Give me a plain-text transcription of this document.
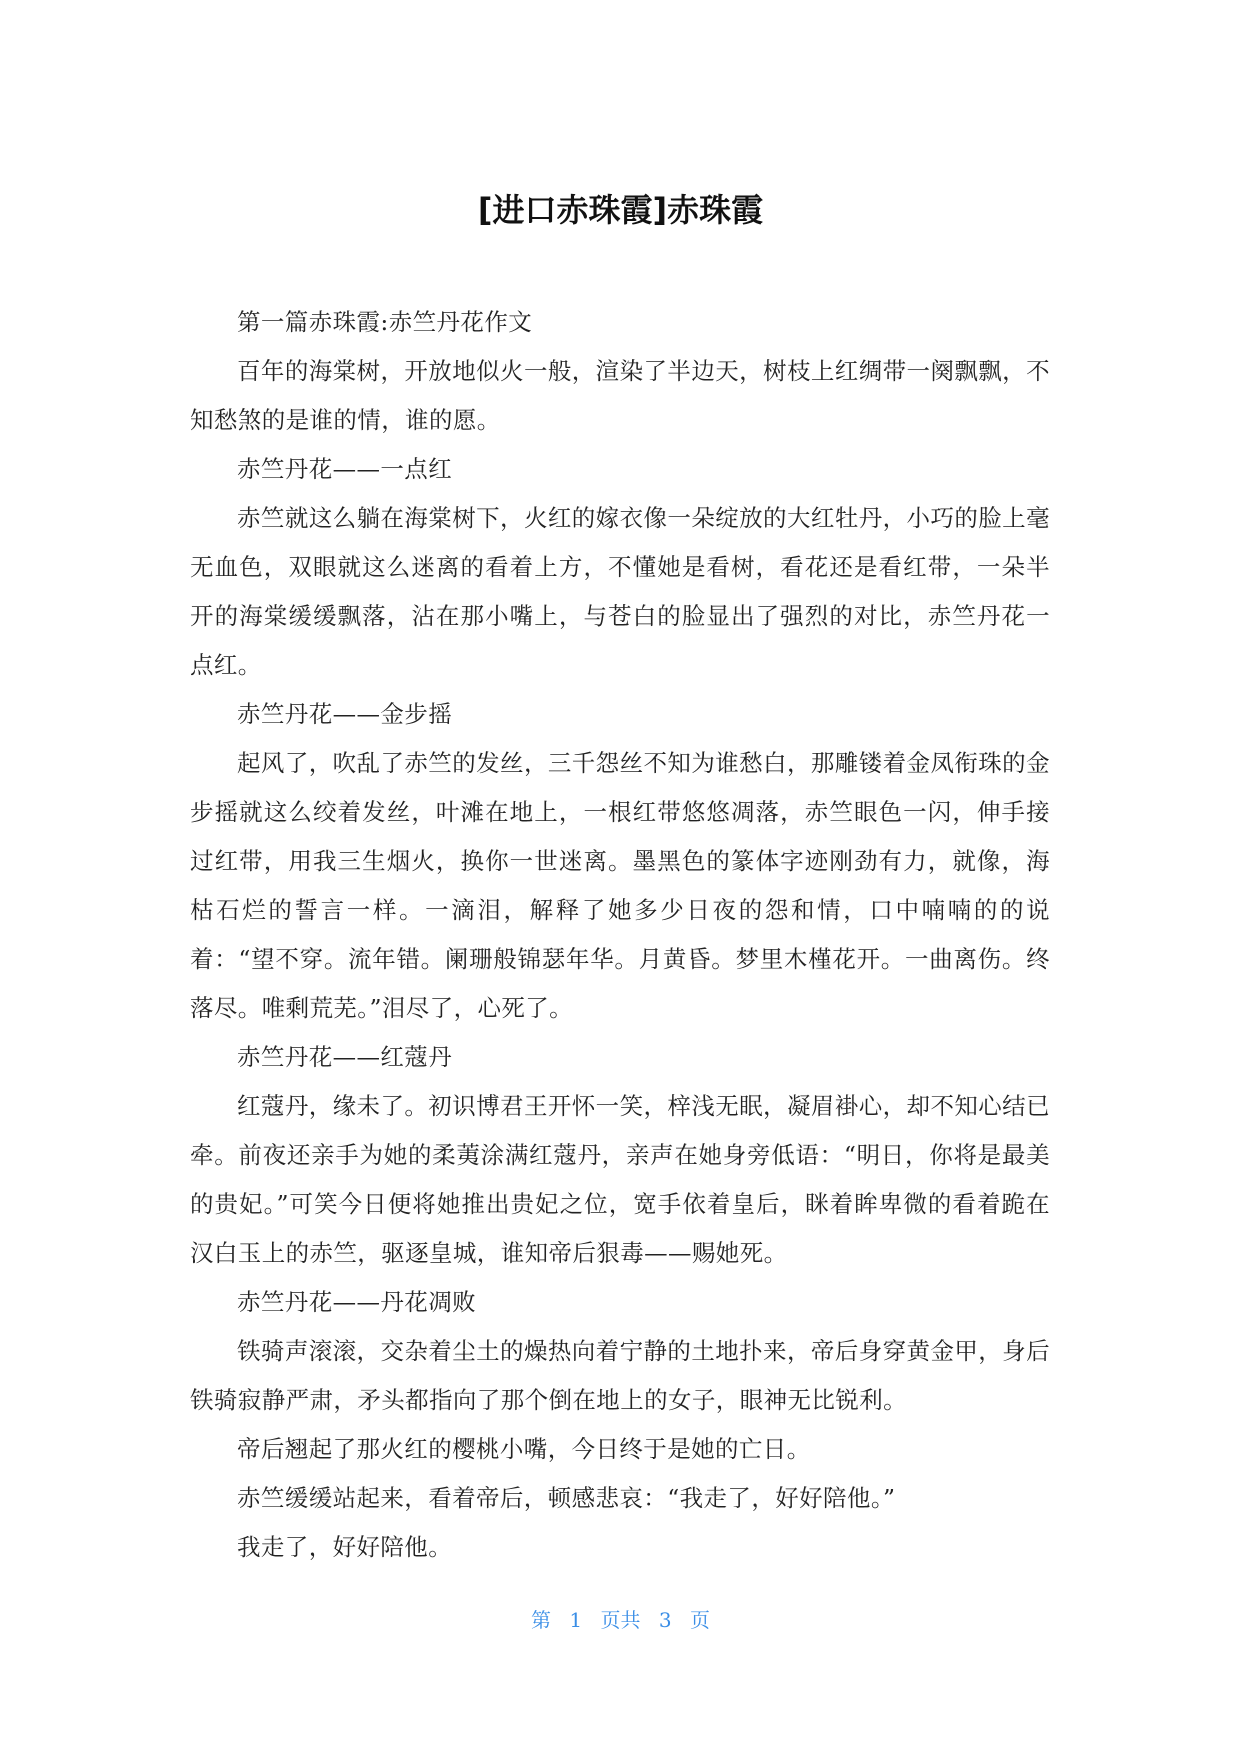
[进口赤珠霞]赤珠霞

第一篇赤珠霞:赤竺丹花作文

百年的海棠树，开放地似火一般，渲染了半边天，树枝上红绸带一阕飘飘，不知愁煞的是谁的情，谁的愿。

赤竺丹花——一点红

赤竺就这么躺在海棠树下，火红的嫁衣像一朵绽放的大红牡丹，小巧的脸上毫无血色，双眼就这么迷离的看着上方，不懂她是看树，看花还是看红带，一朵半开的海棠缓缓飘落，沾在那小嘴上，与苍白的脸显出了强烈的对比，赤竺丹花一点红。

赤竺丹花——金步摇

起风了，吹乱了赤竺的发丝，三千怨丝不知为谁愁白，那雕镂着金凤衔珠的金步摇就这么绞着发丝，叶滩在地上，一根红带悠悠凋落，赤竺眼色一闪，伸手接过红带，用我三生烟火，换你一世迷离。墨黑色的篆体字迹刚劲有力，就像，海枯石烂的誓言一样。一滴泪，解释了她多少日夜的怨和情，口中喃喃的的说着：“望不穿。流年错。阑珊般锦瑟年华。月黄昏。梦里木槿花开。一曲离伤。终落尽。唯剩荒芜。”泪尽了，心死了。

赤竺丹花——红蔻丹

红蔻丹，缘未了。初识博君王开怀一笑，梓浅无眠，凝眉褂心，却不知心结已牵。前夜还亲手为她的柔荑涂满红蔻丹，亲声在她身旁低语：“明日，你将是最美的贵妃。”可笑今日便将她推出贵妃之位，宽手依着皇后，眯着眸卑微的看着跪在汉白玉上的赤竺，驱逐皇城，谁知帝后狠毒——赐她死。

赤竺丹花——丹花凋败

铁骑声滚滚，交杂着尘土的燥热向着宁静的土地扑来，帝后身穿黄金甲，身后铁骑寂静严肃，矛头都指向了那个倒在地上的女子，眼神无比锐利。

帝后翘起了那火红的樱桃小嘴，今日终于是她的亡日。

赤竺缓缓站起来，看着帝后，顿感悲哀：“我走了，好好陪他。”

我走了，好好陪他。

第 1 页共 3 页
